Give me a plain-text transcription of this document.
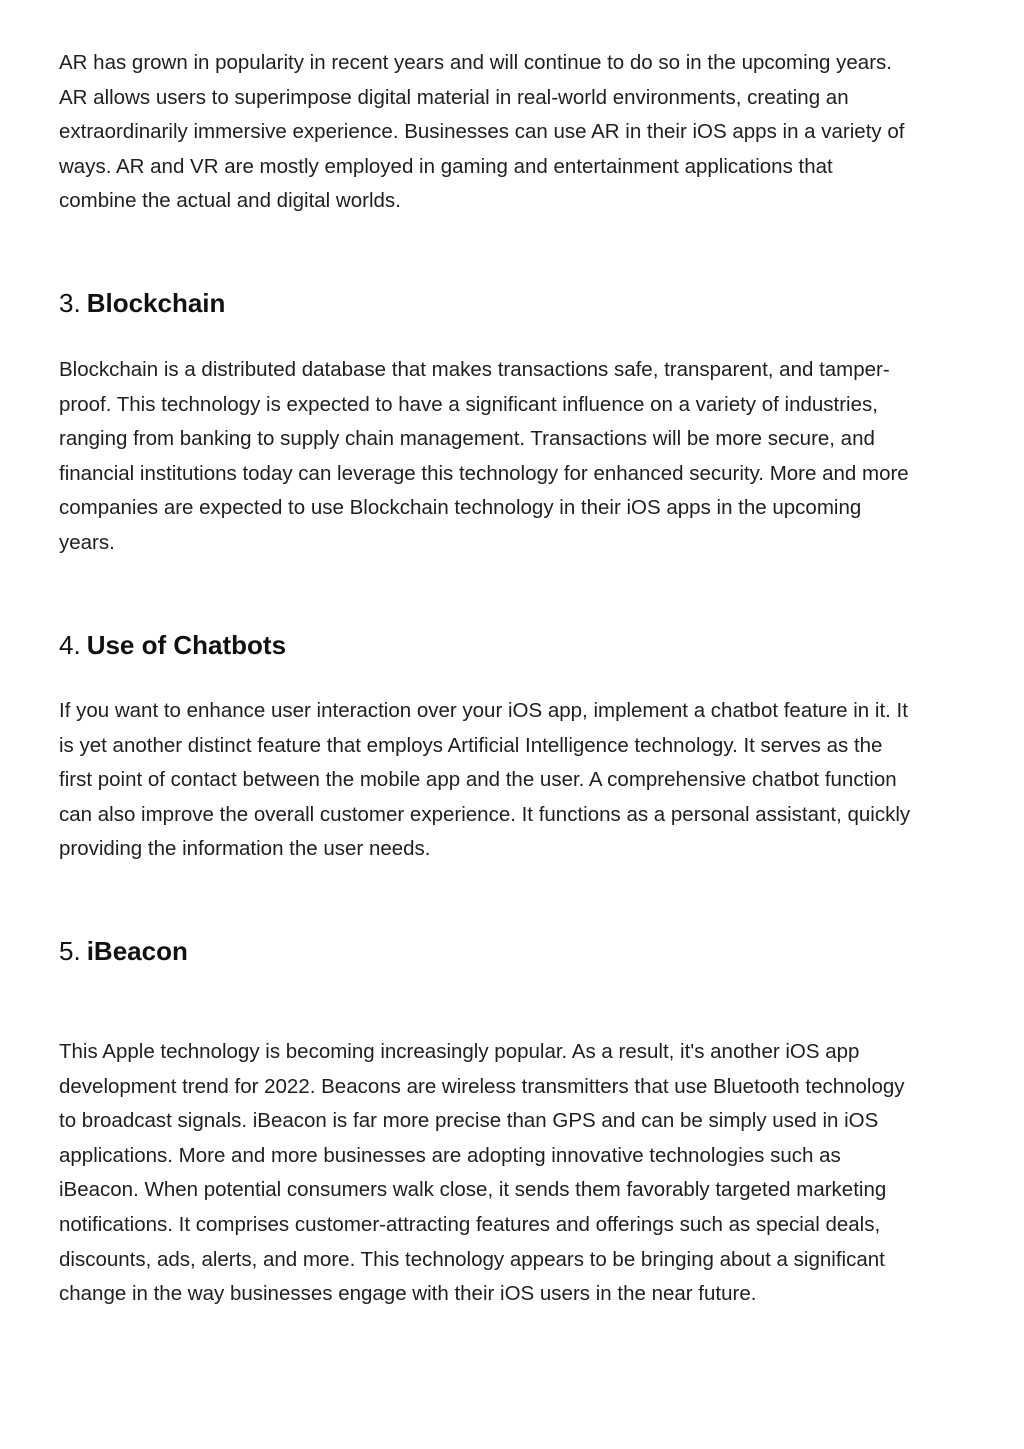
AR has grown in popularity in recent years and will continue to do so in the upcoming years.
AR allows users to superimpose digital material in real-world environments, creating an
extraordinarily immersive experience. Businesses can use AR in their iOS apps in a variety of
ways. AR and VR are mostly employed in gaming and entertainment applications that
combine the actual and digital worlds.

3. Blockchain

Blockchain is a distributed database that makes transactions safe, transparent, and tamper-
proof. This technology is expected to have a significant influence on a variety of industries,
ranging from banking to supply chain management. Transactions will be more secure, and
financial institutions today can leverage this technology for enhanced security. More and more
companies are expected to use Blockchain technology in their iOS apps in the upcoming
years.

4. Use of Chatbots

If you want to enhance user interaction over your iOS app, implement a chatbot feature in it. It
is yet another distinct feature that employs Artificial Intelligence technology. It serves as the
first point of contact between the mobile app and the user. A comprehensive chatbot function
can also improve the overall customer experience. It functions as a personal assistant, quickly
providing the information the user needs.

5. iBeacon

This Apple technology is becoming increasingly popular. As a result, it's another iOS app
development trend for 2022. Beacons are wireless transmitters that use Bluetooth technology
to broadcast signals. iBeacon is far more precise than GPS and can be simply used in iOS
applications. More and more businesses are adopting innovative technologies such as
iBeacon. When potential consumers walk close, it sends them favorably targeted marketing
notifications. It comprises customer-attracting features and offerings such as special deals,
discounts, ads, alerts, and more. This technology appears to be bringing about a significant
change in the way businesses engage with their iOS users in the near future.
